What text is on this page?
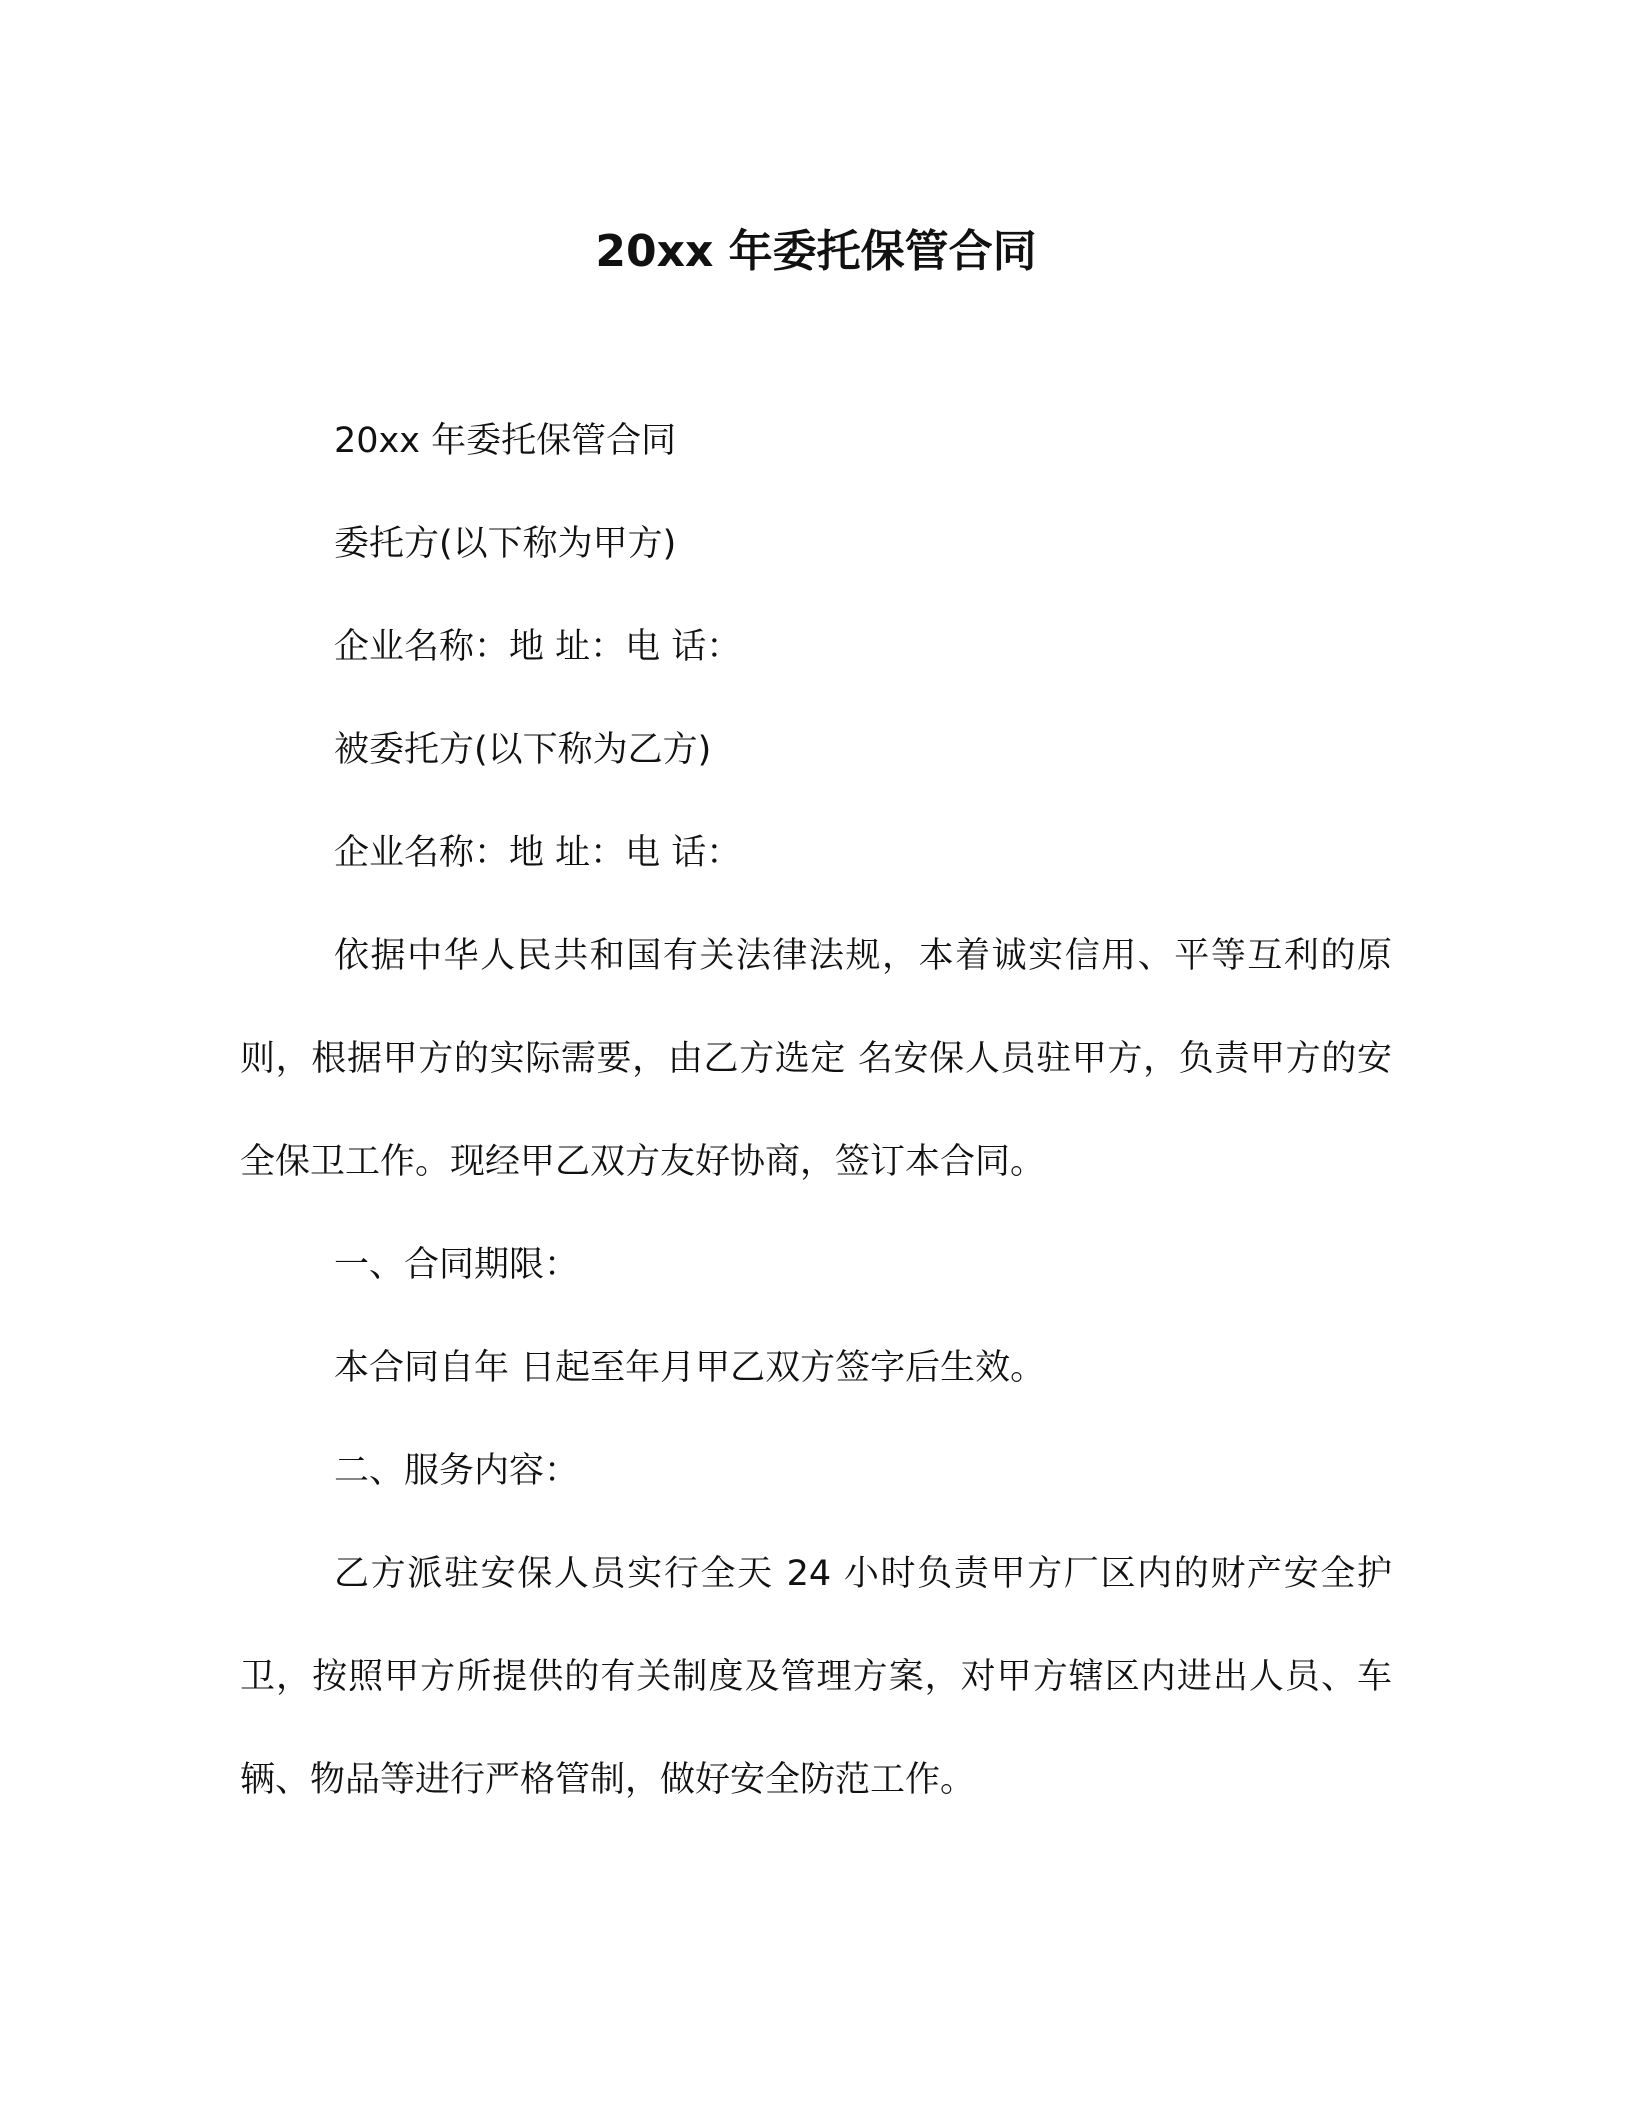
20xx 年委托保管合同

20xx 年委托保管合同

委托方(以下称为甲方)

企业名称：地 址：电 话：

被委托方(以下称为乙方)

企业名称：地 址：电 话：

依据中华人民共和国有关法律法规，本着诚实信用、平等互利的原则，根据甲方的实际需要，由乙方选定 名安保人员驻甲方，负责甲方的安全保卫工作。现经甲乙双方友好协商，签订本合同。

一、合同期限：

本合同自年 日起至年月甲乙双方签字后生效。

二、服务内容：

乙方派驻安保人员实行全天 24 小时负责甲方厂区内的财产安全护卫，按照甲方所提供的有关制度及管理方案，对甲方辖区内进出人员、车辆、物品等进行严格管制，做好安全防范工作。
